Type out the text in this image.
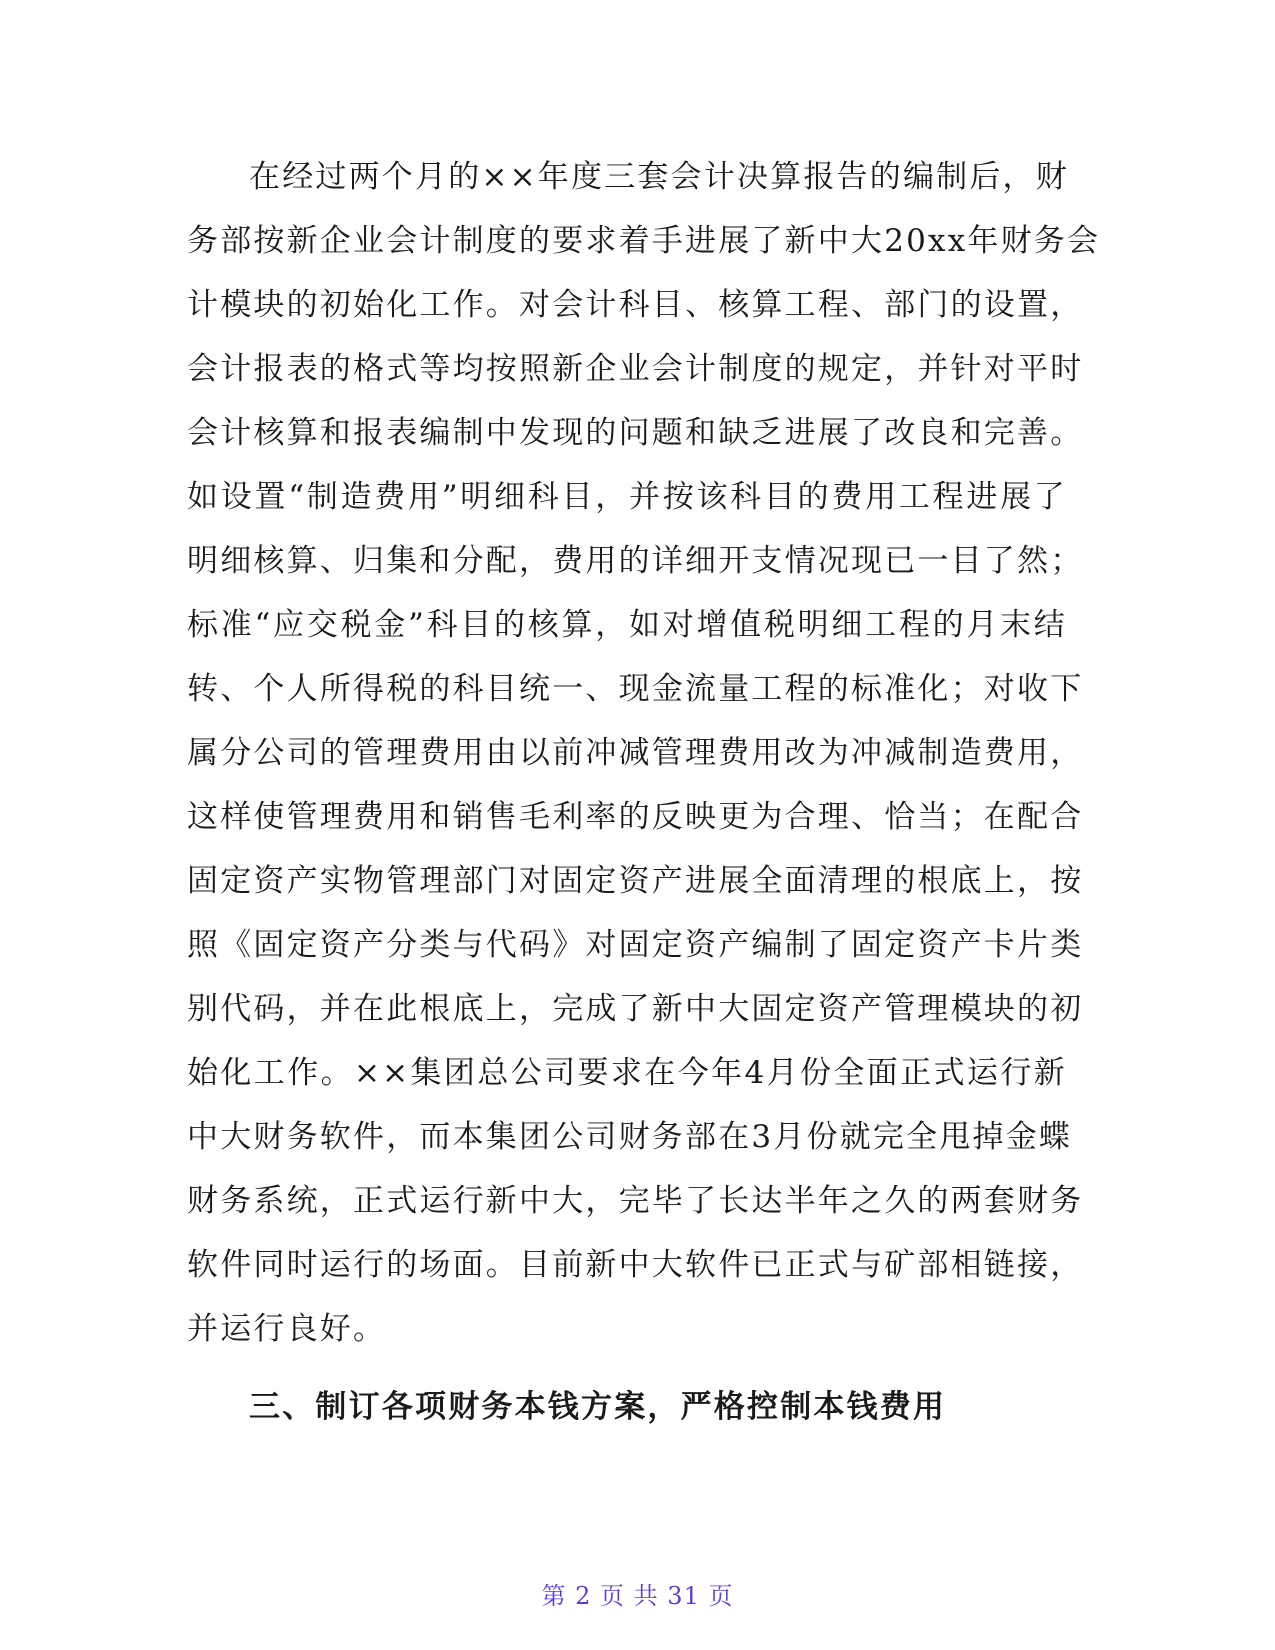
在经过两个月的××年度三套会计决算报告的编制后，财
务部按新企业会计制度的要求着手进展了新中大20xx年财务会
计模块的初始化工作。对会计科目、核算工程、部门的设置，
会计报表的格式等均按照新企业会计制度的规定，并针对平时
会计核算和报表编制中发现的问题和缺乏进展了改良和完善。
如设置“制造费用”明细科目，并按该科目的费用工程进展了
明细核算、归集和分配，费用的详细开支情况现已一目了然；
标准“应交税金”科目的核算，如对增值税明细工程的月末结
转、个人所得税的科目统一、现金流量工程的标准化；对收下
属分公司的管理费用由以前冲减管理费用改为冲减制造费用，
这样使管理费用和销售毛利率的反映更为合理、恰当；在配合
固定资产实物管理部门对固定资产进展全面清理的根底上，按
照《固定资产分类与代码》对固定资产编制了固定资产卡片类
别代码，并在此根底上，完成了新中大固定资产管理模块的初
始化工作。××集团总公司要求在今年4月份全面正式运行新
中大财务软件，而本集团公司财务部在3月份就完全甩掉金蝶
财务系统，正式运行新中大，完毕了长达半年之久的两套财务
软件同时运行的场面。目前新中大软件已正式与矿部相链接，
并运行良好。
三、制订各项财务本钱方案，严格控制本钱费用
第 2 页 共 31 页
